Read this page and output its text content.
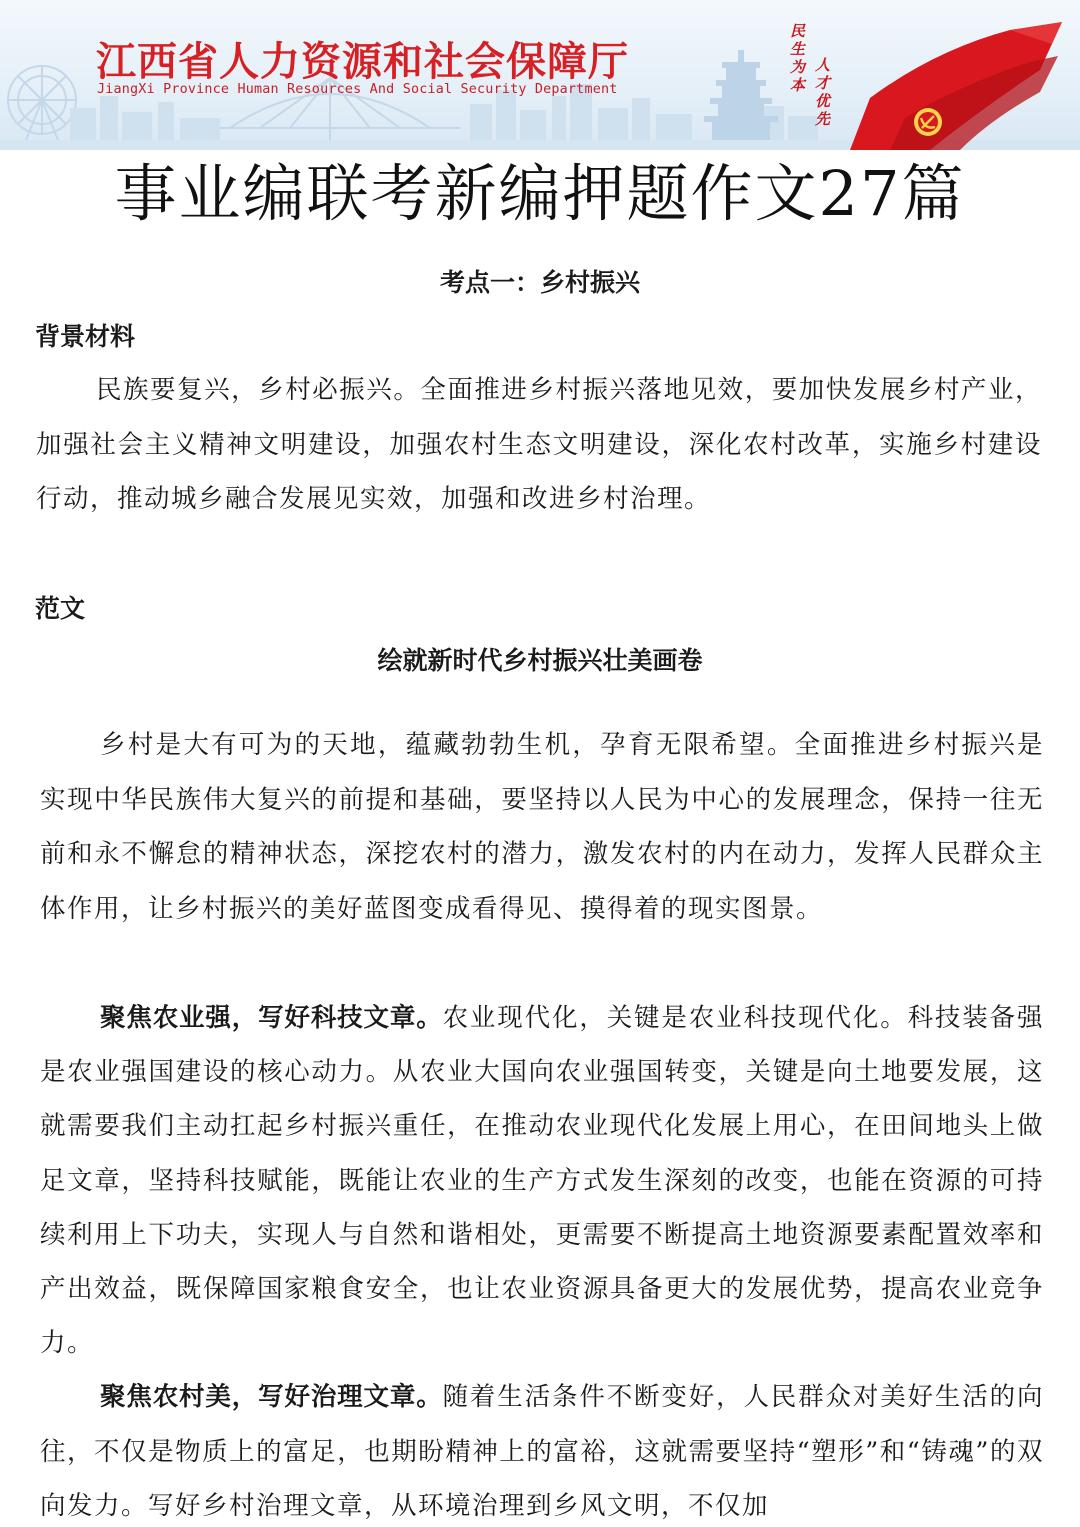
江西省人力资源和社会保障厅
JiangXi Province Human Resources And Social Security Department
民生为本
人才优先
事业编联考新编押题作文27篇
考点一：乡村振兴
背景材料

民族要复兴，乡村必振兴。全面推进乡村振兴落地见效，要加快发展乡村产业，加强社会主义精神文明建设，加强农村生态文明建设，深化农村改革，实施乡村建设行动，推动城乡融合发展见实效，加强和改进乡村治理。

范文
绘就新时代乡村振兴壮美画卷

乡村是大有可为的天地，蕴藏勃勃生机，孕育无限希望。全面推进乡村振兴是实现中华民族伟大复兴的前提和基础，要坚持以人民为中心的发展理念，保持一往无前和永不懈怠的精神状态，深挖农村的潜力，激发农村的内在动力，发挥人民群众主体作用，让乡村振兴的美好蓝图变成看得见、摸得着的现实图景。

聚焦农业强，写好科技文章。农业现代化，关键是农业科技现代化。科技装备强是农业强国建设的核心动力。从农业大国向农业强国转变，关键是向土地要发展，这就需要我们主动扛起乡村振兴重任，在推动农业现代化发展上用心，在田间地头上做足文章，坚持科技赋能，既能让农业的生产方式发生深刻的改变，也能在资源的可持续利用上下功夫，实现人与自然和谐相处，更需要不断提高土地资源要素配置效率和产出效益，既保障国家粮食安全，也让农业资源具备更大的发展优势，提高农业竞争力。

聚焦农村美，写好治理文章。随着生活条件不断变好，人民群众对美好生活的向往，不仅是物质上的富足，也期盼精神上的富裕，这就需要坚持“塑形”和“铸魂”的双向发力。写好乡村治理文章，从环境治理到乡风文明，不仅加
